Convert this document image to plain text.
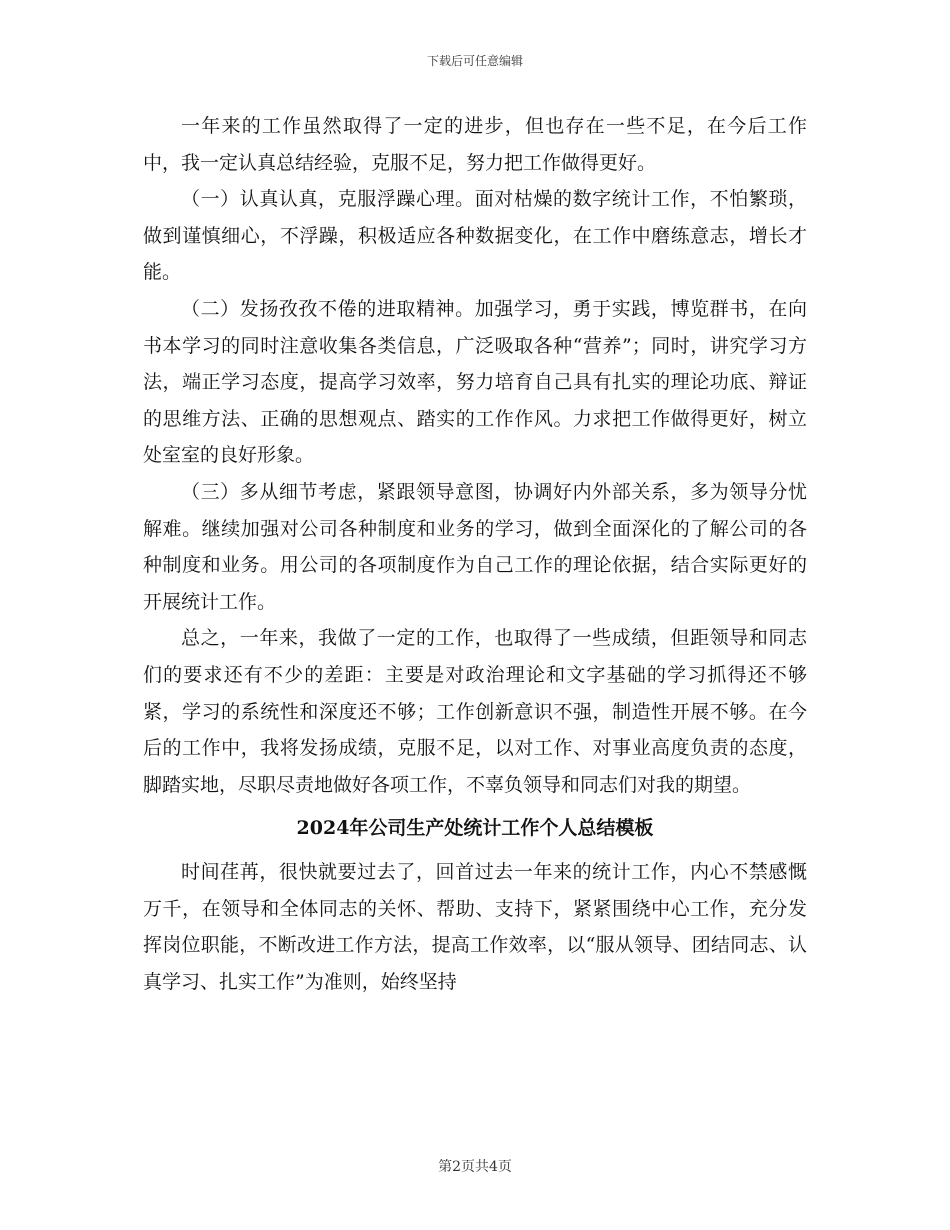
下载后可任意编辑

一年来的工作虽然取得了一定的进步，但也存在一些不足，在今后工作中，我一定认真总结经验，克服不足，努力把工作做得更好。

（一）认真认真，克服浮躁心理。面对枯燥的数字统计工作，不怕繁琐，做到谨慎细心，不浮躁，积极适应各种数据变化，在工作中磨练意志，增长才能。

（二）发扬孜孜不倦的进取精神。加强学习，勇于实践，博览群书，在向书本学习的同时注意收集各类信息，广泛吸取各种“营养”；同时，讲究学习方法，端正学习态度，提高学习效率，努力培育自己具有扎实的理论功底、辩证的思维方法、正确的思想观点、踏实的工作作风。力求把工作做得更好，树立处室室的良好形象。

（三）多从细节考虑，紧跟领导意图，协调好内外部关系，多为领导分忧解难。继续加强对公司各种制度和业务的学习，做到全面深化的了解公司的各种制度和业务。用公司的各项制度作为自己工作的理论依据，结合实际更好的开展统计工作。

总之，一年来，我做了一定的工作，也取得了一些成绩，但距领导和同志们的要求还有不少的差距：主要是对政治理论和文字基础的学习抓得还不够紧，学习的系统性和深度还不够；工作创新意识不强，制造性开展不够。在今后的工作中，我将发扬成绩，克服不足，以对工作、对事业高度负责的态度，脚踏实地，尽职尽责地做好各项工作，不辜负领导和同志们对我的期望。

2024年公司生产处统计工作个人总结模板

时间荏苒，很快就要过去了，回首过去一年来的统计工作，内心不禁感慨万千，在领导和全体同志的关怀、帮助、支持下，紧紧围绕中心工作，充分发挥岗位职能，不断改进工作方法，提高工作效率，以“服从领导、团结同志、认真学习、扎实工作”为准则，始终坚持

第2页共4页
